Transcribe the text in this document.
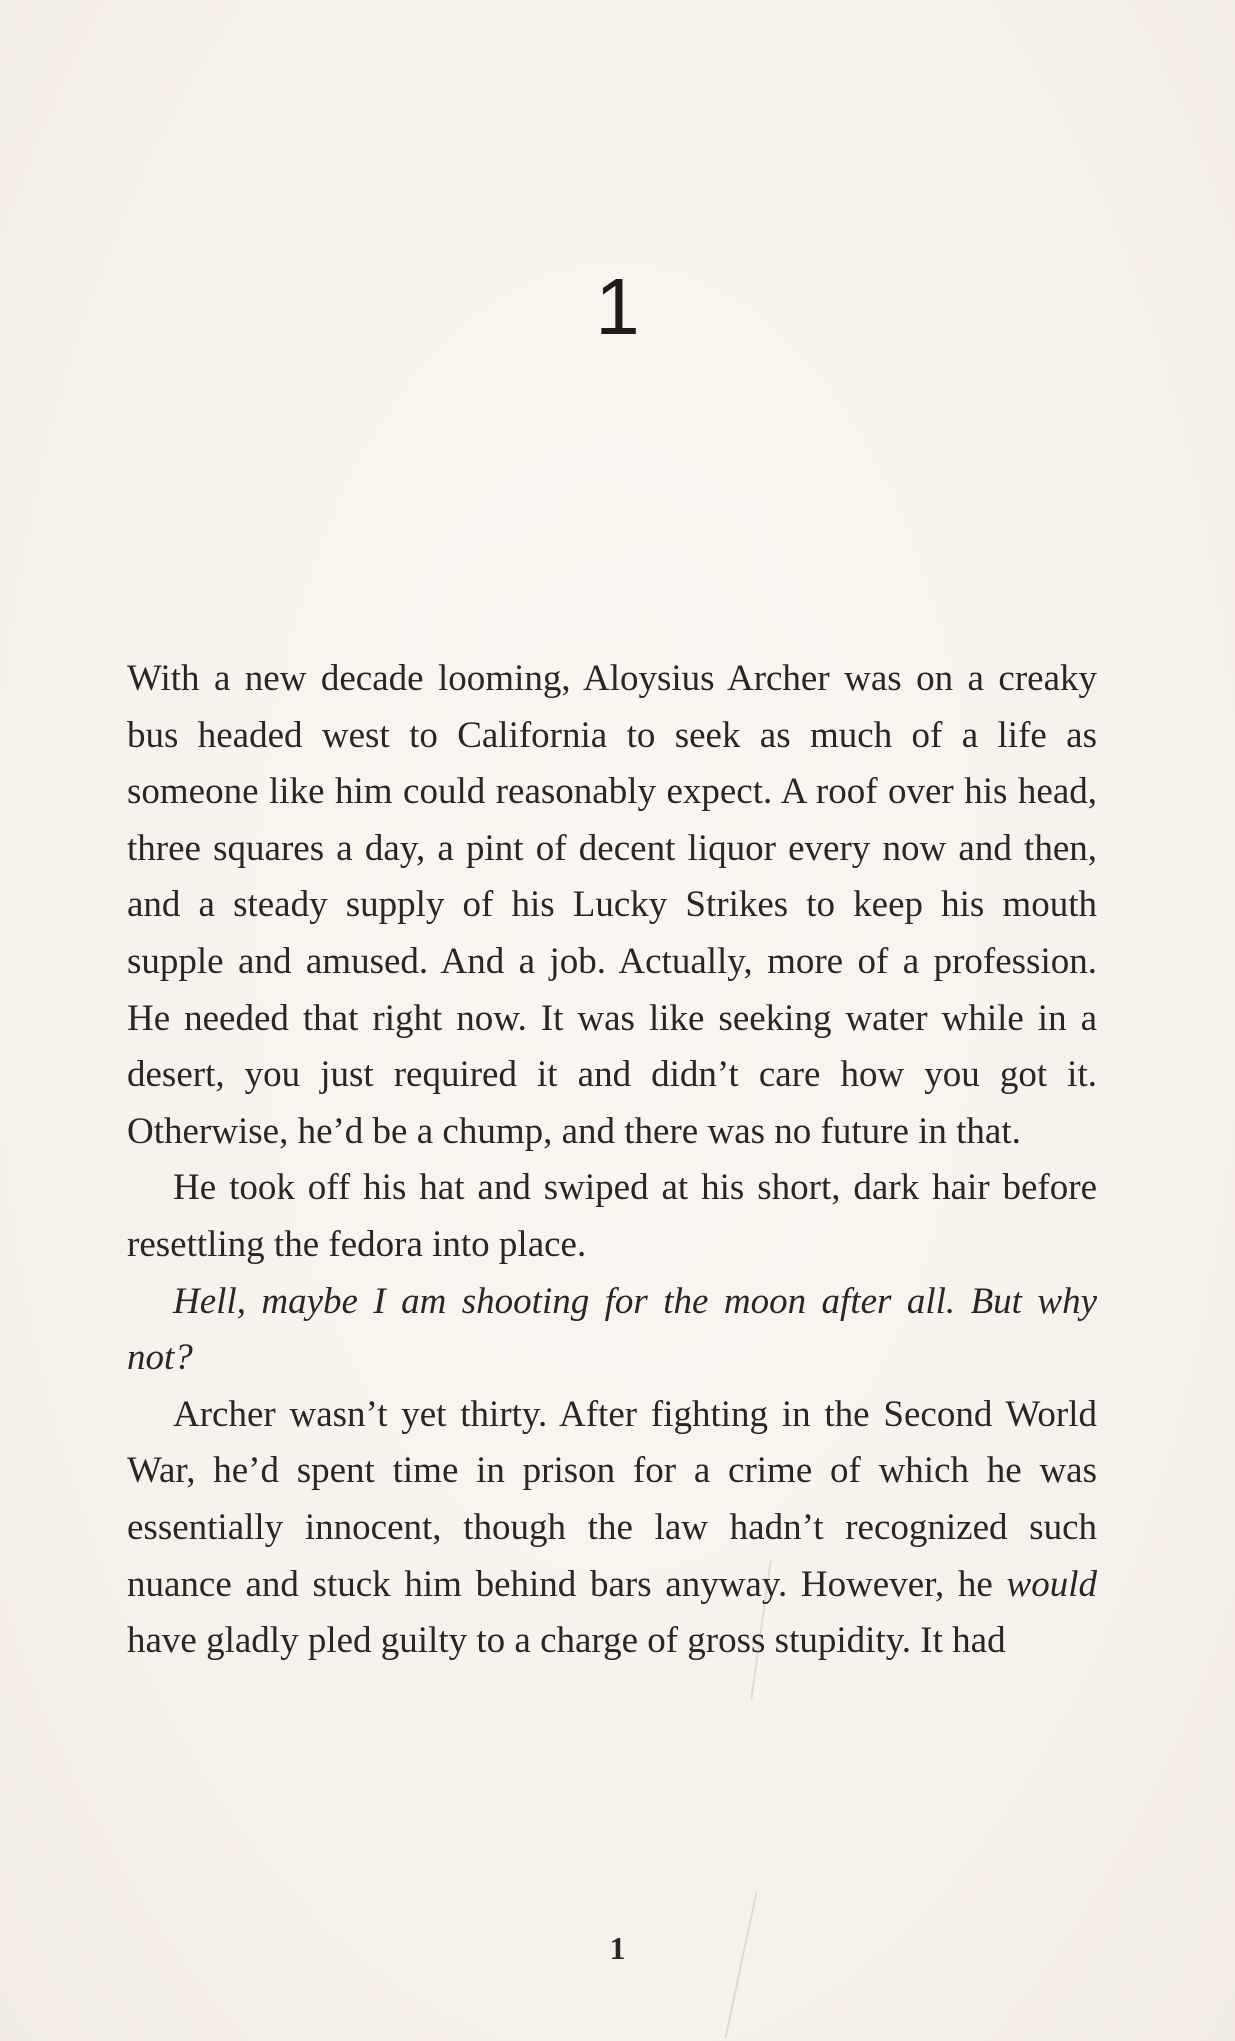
1

With a new decade looming, Aloysius Archer was on a creaky bus headed west to California to seek as much of a life as someone like him could reasonably expect. A roof over his head, three squares a day, a pint of decent liquor every now and then, and a steady supply of his Lucky Strikes to keep his mouth supple and amused. And a job. Actually, more of a profession. He needed that right now. It was like seeking water while in a desert, you just required it and didn’t care how you got it. Otherwise, he’d be a chump, and there was no future in that.

He took off his hat and swiped at his short, dark hair before resettling the fedora into place.

Hell, maybe I am shooting for the moon after all. But why not?

Archer wasn’t yet thirty. After fighting in the Second World War, he’d spent time in prison for a crime of which he was essentially innocent, though the law hadn’t recognized such nuance and stuck him behind bars anyway. However, he would have gladly pled guilty to a charge of gross stupidity. It had

1
